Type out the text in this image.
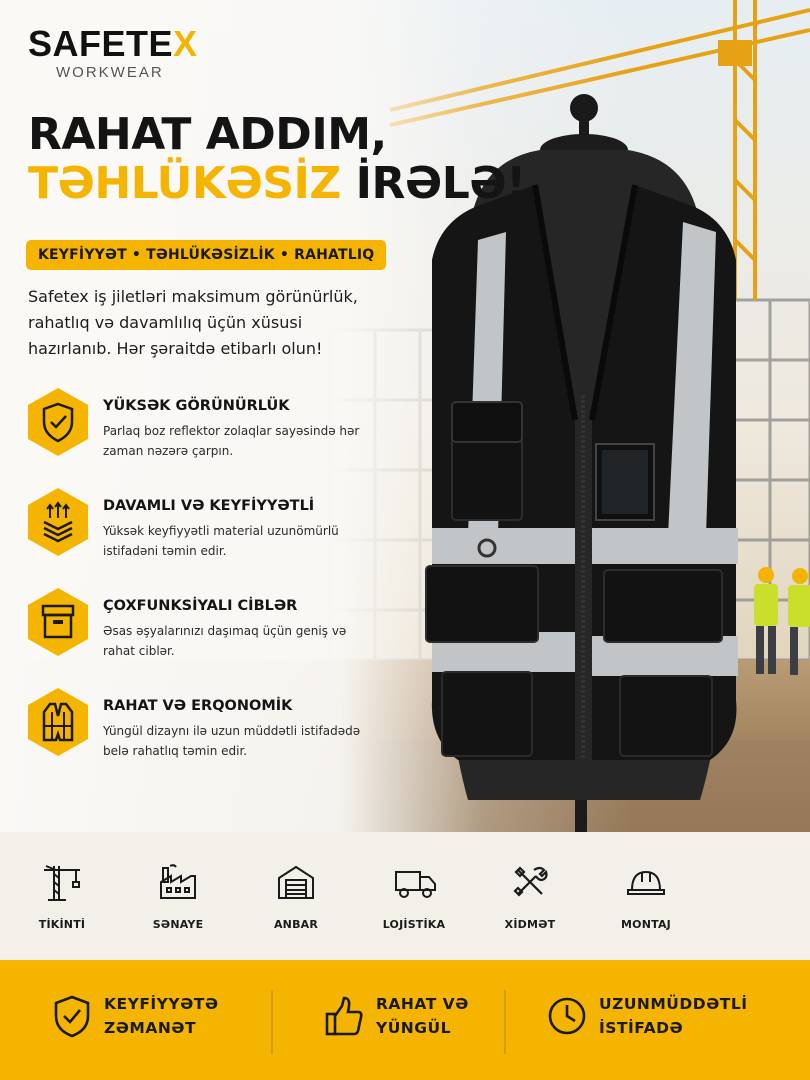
SAFETEX
WORKWEAR
RAHAT ADDIM,
TƏHLÜKƏSİZ İRƏLƏ!
KEYFİYYƏT • TƏHLÜKƏSİZLİK • RAHATLIQ
Safetex iş jiletləri maksimum görünürlük, rahatlıq və davamlılıq üçün xüsusi hazırlanıb. Hər şəraitdə etibarlı olun!
YÜKSƏK GÖRÜNÜRLÜK
Parlaq boz reflektor zolaqlar sayəsində hər zaman nəzərə çarpın.
DAVAMLI VƏ KEYFİYYƏTLİ
Yüksək keyfiyyətli material uzunömürlü istifadəni təmin edir.
ÇOXFUNKSİYALI CİBLƏR
Əsas əşyalarınızı daşımaq üçün geniş və rahat ciblər.
RAHAT VƏ ERQONOMİK
Yüngül dizaynı ilə uzun müddətli istifadədə belə rahatlıq təmin edir.
TİKİNTİ	SƏNAYE	ANBAR	LOJİSTİKA	XİDMƏT	MONTAJ
KEYFİYYƏTƏ
ZƏMANƏT
RAHAT VƏ
YÜNGÜL
UZUNMÜDDƏTLİ
İSTİFADƏ
